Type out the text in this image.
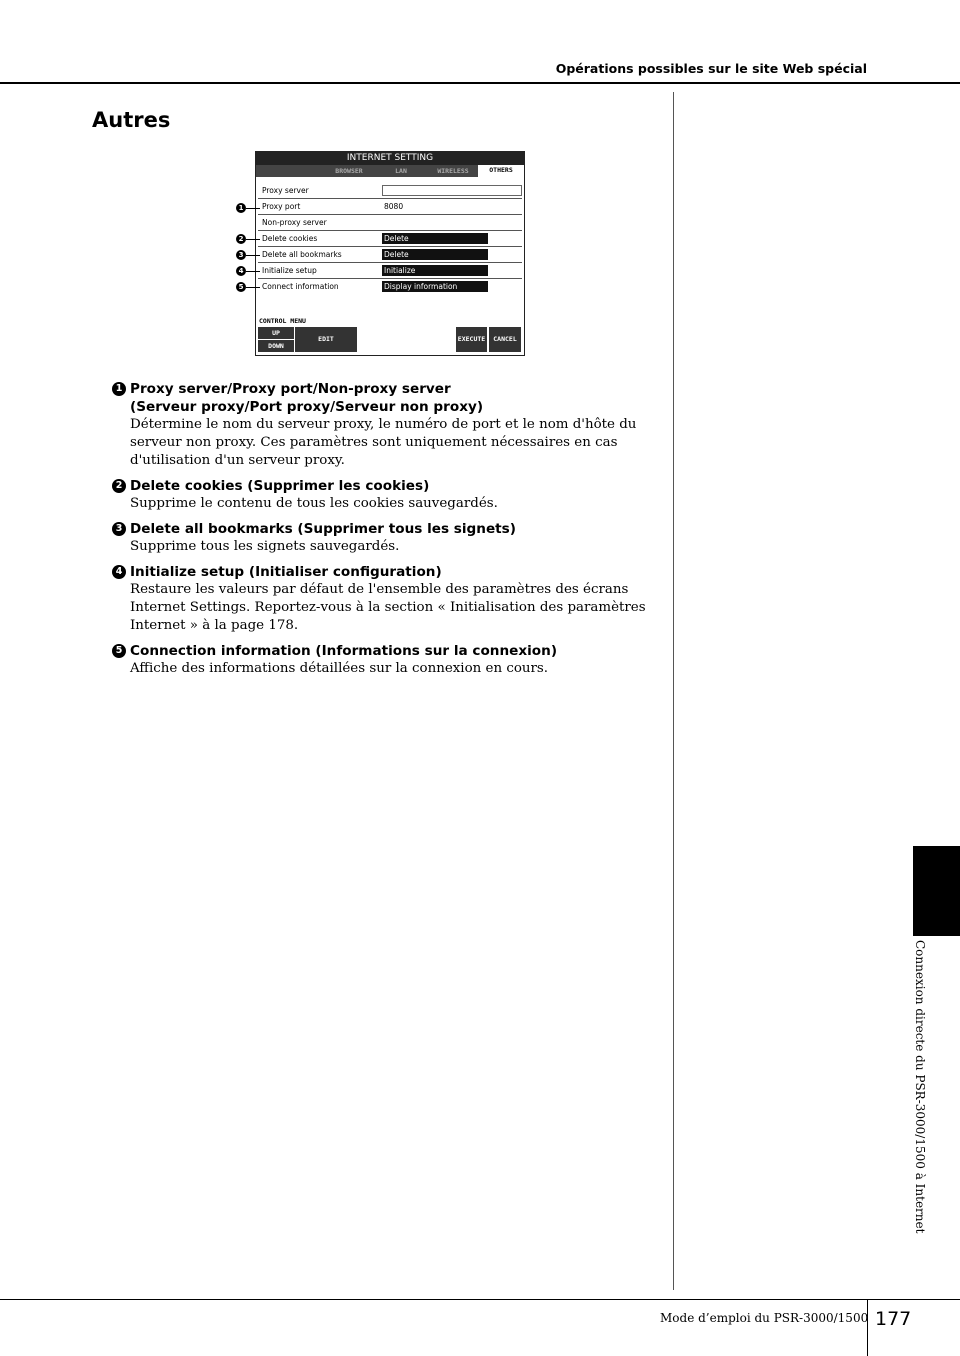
Opérations possibles sur le site Web spécial
Autres
INTERNET SETTING
BROWSER	LAN	WIRELESS	OTHERS
Proxy server
Proxy port	8080
Non-proxy server
Delete cookies	Delete
Delete all bookmarks	Delete
Initialize setup	Initialize
Connect information	Display information
CONTROL MENU
UP
DOWN
EDIT	EXECUTE	CANCEL
1
2
3
4
5
1 Proxy server/Proxy port/Non-proxy server
(Serveur proxy/Port proxy/Serveur non proxy)
Détermine le nom du serveur proxy, le numéro de port et le nom d'hôte du serveur non proxy. Ces paramètres sont uniquement nécessaires en cas d'utilisation d'un serveur proxy.
2 Delete cookies (Supprimer les cookies)
Supprime le contenu de tous les cookies sauvegardés.
3 Delete all bookmarks (Supprimer tous les signets)
Supprime tous les signets sauvegardés.
4 Initialize setup (Initialiser configuration)
Restaure les valeurs par défaut de l'ensemble des paramètres des écrans Internet Settings. Reportez-vous à la section « Initialisation des paramètres Internet » à la page 178.
5 Connection information (Informations sur la connexion)
Affiche des informations détaillées sur la connexion en cours.
Connexion directe du PSR-3000/1500 à Internet
Mode d’emploi du PSR-3000/1500 177
